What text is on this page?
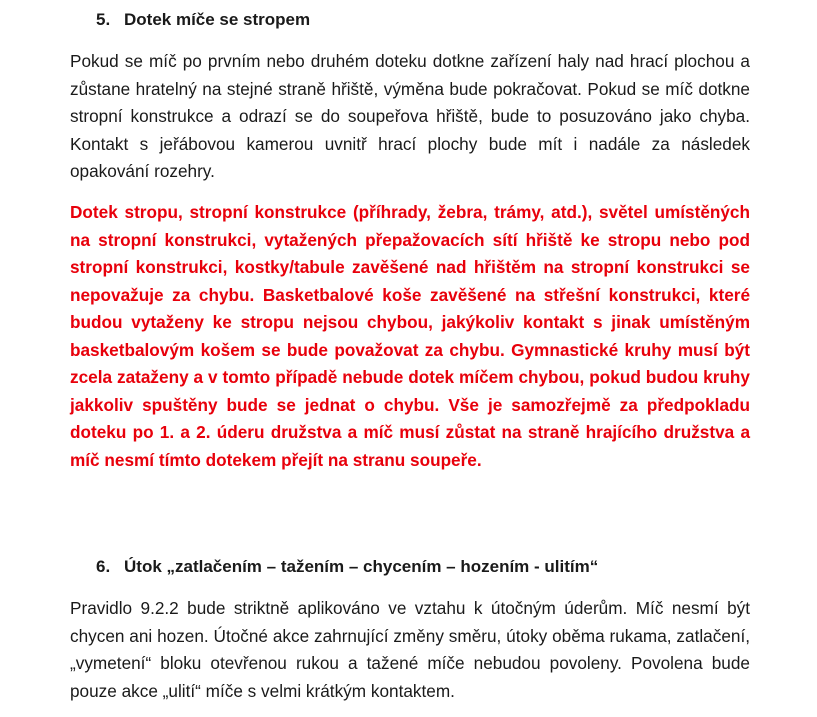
5. Dotek míče se stropem

Pokud se míč po prvním nebo druhém doteku dotkne zařízení haly nad hrací plochou a zůstane hratelný na stejné straně hřiště, výměna bude pokračovat. Pokud se míč dotkne stropní konstrukce a odrazí se do soupeřova hřiště, bude to posuzováno jako chyba. Kontakt s jeřábovou kamerou uvnitř hrací plochy bude mít i nadále za následek opakování rozehry.

Dotek stropu, stropní konstrukce (příhrady, žebra, trámy, atd.), světel umístěných na stropní konstrukci, vytažených přepažovacích sítí hřiště ke stropu nebo pod stropní konstrukci, kostky/tabule zavěšené nad hřištěm na stropní konstrukci se nepovažuje za chybu. Basketbalové koše zavěšené na střešní konstrukci, které budou vytaženy ke stropu nejsou chybou, jakýkoliv kontakt s jinak umístěným basketbalovým košem se bude považovat za chybu. Gymnastické kruhy musí být zcela zataženy a v tomto případě nebude dotek míčem chybou, pokud budou kruhy jakkoliv spuštěny bude se jednat o chybu. Vše je samozřejmě za předpokladu doteku po 1. a 2. úderu družstva a míč musí zůstat na straně hrajícího družstva a míč nesmí tímto dotekem přejít na stranu soupeře.

6. Útok „zatlačením – tažením – chycením – hozením - ulitím“

Pravidlo 9.2.2 bude striktně aplikováno ve vztahu k útočným úderům. Míč nesmí být chycen ani hozen. Útočné akce zahrnující změny směru, útoky oběma rukama, zatlačení, „vymetení“ bloku otevřenou rukou a tažené míče nebudou povoleny. Povolena bude pouze akce „ulití“ míče s velmi krátkým kontaktem.
